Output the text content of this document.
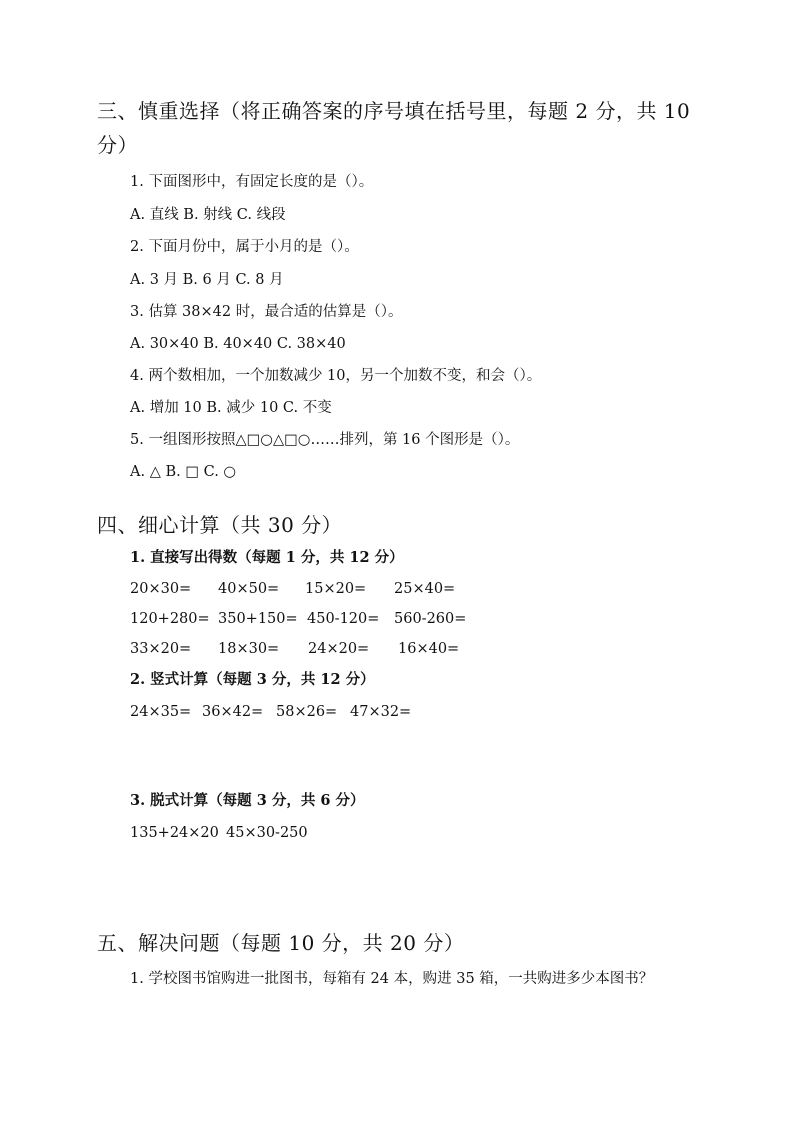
三、慎重选择（将正确答案的序号填在括号里，每题 2 分，共 10 分）
1. 下面图形中，有固定长度的是（）。
A. 直线 B. 射线 C. 线段
2. 下面月份中，属于小月的是（）。
A. 3 月 B. 6 月 C. 8 月
3. 估算 38×42 时，最合适的估算是（）。
A. 30×40 B. 40×40 C. 38×40
4. 两个数相加，一个加数减少 10，另一个加数不变，和会（）。
A. 增加 10 B. 减少 10 C. 不变
5. 一组图形按照△□○△□○……排列，第 16 个图形是（）。
A. △ B. □ C. ○
四、细心计算（共 30 分）
1. 直接写出得数（每题 1 分，共 12 分）
20×30= 40×50= 15×20= 25×40=
120+280= 350+150= 450-120= 560-260=
33×20= 18×30= 24×20= 16×40=
2. 竖式计算（每题 3 分，共 12 分）
24×35= 36×42= 58×26= 47×32=
3. 脱式计算（每题 3 分，共 6 分）
135+24×20 45×30-250
五、解决问题（每题 10 分，共 20 分）
1. 学校图书馆购进一批图书，每箱有 24 本，购进 35 箱，一共购进多少本图书？
